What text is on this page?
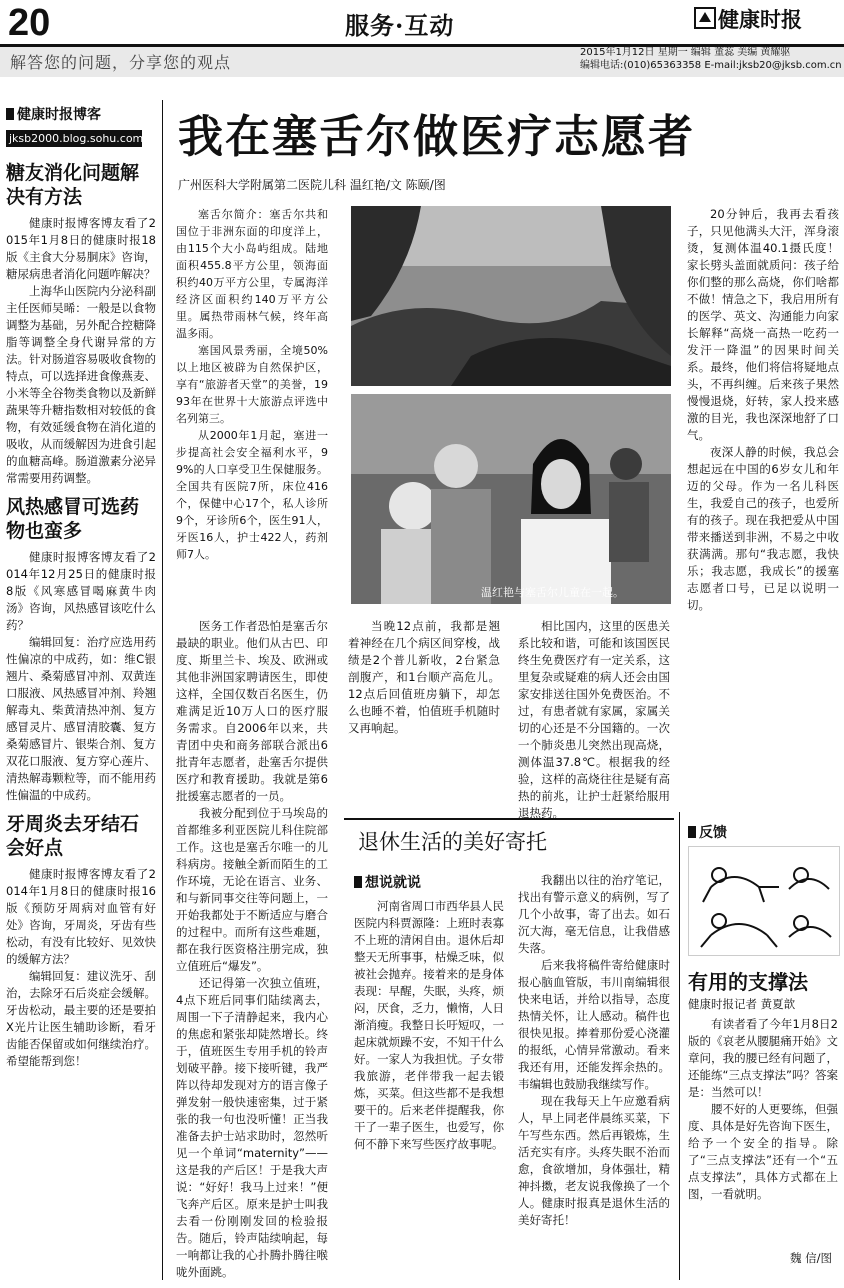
20	服务·互动	健康时报
解答您的问题，分享您的观点
2015年1月12日 星期一 编辑 董蕊 美编 黄耀驱
编辑电话:(010)65363358 E-mail:jksb20@jksb.com.cn
健康时报博客
jksb2000.blog.sohu.com
糖友消化问题解决有方法

健康时报博客博友看了2015年1月8日的健康时报18版《主食大分易胴床》咨询，糖尿病患者消化问题咋解决？

上海华山医院内分泌科副主任医师吴晞：一般是以食物调整为基础，另外配合控糖降脂等调整全身代谢异常的方法。针对肠道容易吸收食物的特点，可以选择进食像燕麦、小米等全谷物类食物以及新鲜蔬果等升糖指数相对较低的食物，有效延缓食物在消化道的吸收，从而缓解因为进食引起的血糖高峰。肠道激素分泌异常需要用药调整。

风热感冒可选药物也蛮多

健康时报博客博友看了2014年12月25日的健康时报8版《风寒感冒喝麻黄牛肉汤》咨询，风热感冒该吃什么药？

编辑回复：治疗应选用药性偏凉的中成药，如：维C银翘片、桑菊感冒冲剂、双黄连口服液、风热感冒冲剂、羚翘解毒丸、柴黄清热冲剂、复方感冒灵片、感冒清胶囊、复方桑菊感冒片、银柴合剂、复方双花口服液、复方穿心莲片、清热解毒颗粒等，而不能用药性偏温的中成药。

牙周炎去牙结石会好点

健康时报博客博友看了2014年1月8日的健康时报16版《预防牙周病对血管有好处》咨询，牙周炎，牙齿有些松动，有没有比较好、见效快的缓解方法？

编辑回复：建议洗牙、刮治，去除牙石后炎症会缓解。牙齿松动，最主要的还是要拍X光片让医生辅助诊断，看牙齿能否保留或如何继续治疗。希望能帮到您！

我在塞舌尔做医疗志愿者
广州医科大学附属第二医院儿科 温红艳/文 陈颐/图

塞舌尔简介：塞舌尔共和国位于非洲东面的印度洋上，由115个大小岛屿组成。陆地面积455.8平方公里，领海面积约40万平方公里，专属海洋经济区面积约140万平方公里。属热带雨林气候，终年高温多雨。

塞国风景秀丽，全境50%以上地区被辟为自然保护区，享有“旅游者天堂”的美誉，1993年在世界十大旅游点评选中名列第三。

从2000年1月起，塞进一步提高社会安全福利水平，99%的人口享受卫生保健服务。全国共有医院7所，床位416个，保健中心17个，私人诊所9个，牙诊所6个，医生91人，牙医16人，护士422人，药剂师7人。

温红艳与塞舌尔儿童在一起。

医务工作者恐怕是塞舌尔最缺的职业。他们从古巴、印度、斯里兰卡、埃及、欧洲或其他非洲国家聘请医生，即使这样，全国仅数百名医生，仍难满足近10万人口的医疗服务需求。自2006年以来，共青团中央和商务部联合派出6批青年志愿者，赴塞舌尔提供医疗和教育援助。我就是第6批援塞志愿者的一员。

我被分配到位于马埃岛的首都维多利亚医院儿科住院部工作。这也是塞舌尔唯一的儿科病房。接触全新而陌生的工作环境，无论在语言、业务、和与新同事交往等问题上，一开始我都处于不断适应与磨合的过程中。而所有这些难题，都在我行医资格注册完成，独立值班后“爆发”。

还记得第一次独立值班，4点下班后同事们陆续离去，周围一下子清静起来，我内心的焦虑和紧张却陡然增长。终于，值班医生专用手机的铃声划破平静。接下接听键，我严阵以待却发现对方的语言像子弹发射一般快速密集，过于紧张的我一句也没听懂！正当我准备去护士站求助时，忽然听见一个单词“maternity”——这是我的产后区！于是我大声说：“好好！我马上过来！”便飞奔产后区。原来是护士叫我去看一份刚刚发回的检验报告。随后，铃声陆续响起，每一响都让我的心扑腾扑腾往喉咙外面跳。

当晚12点前，我都是翘着神经在几个病区间穿梭，战绩是2个普儿新收，2台紧急剖腹产，和1台顺产高危儿。12点后回值班房躺下，却怎么也睡不着，怕值班手机随时又再响起。

相比国内，这里的医患关系比较和谐，可能和该国医民终生免费医疗有一定关系，这里复杂或疑难的病人还会由国家安排送往国外免费医治。不过，有患者就有家属，家属关切的心还是不分国籍的。一次一个肺炎患儿突然出现高烧，测体温37.8℃。根据我的经验，这样的高烧往往是疑有高热的前兆，让护士赶紧给服用退热药。

20分钟后，我再去看孩子，只见他满头大汗，浑身滚烫，复测体温40.1摄氏度！家长劈头盖面就质问：孩子给你们整的那么高烧，你们啥都不做！情急之下，我启用所有的医学、英文、沟通能力向家长解释“高烧一高热一吃药一发汗一降温”的因果时间关系。最终，他们将信将疑地点头，不再纠缠。后来孩子果然慢慢退烧，好转，家人投来感激的目光，我也深深地舒了口气。

夜深人静的时候，我总会想起远在中国的6岁女儿和年迈的父母。作为一名儿科医生，我爱自己的孩子，也爱所有的孩子。现在我把爱从中国带来播送到非洲，不易之中收获满满。那句“我志愿，我快乐；我志愿，我成长”的援塞志愿者口号，已足以说明一切。

退休生活的美好寄托
想说就说

河南省周口市西华县人民医院内科贾源隆：上班时表寡不上班的清闲自由。退休后却整天无所事事，枯燥乏味，似被社会抛弃。接着来的是身体表现：早醒，失眠，头疼，烦闷，厌食，乏力，懒惰，人日渐消瘦。我整日长吁短叹，一起床就烦躁不安，不知干什么好。一家人为我担忧。子女带我旅游，老伴带我一起去锻炼，买菜。但这些都不是我想要干的。后来老伴提醒我，你干了一辈子医生，也爱写，你何不静下来写些医疗故事呢。

我翻出以往的治疗笔记，找出有警示意义的病例，写了几个小故事，寄了出去。如石沉大海，毫无信息，让我借感失落。

后来我将稿件寄给健康时报心脑血管版，韦川南编辑很快来电话，并给以指导，态度热情关怀，让人感动。稿件也很快见报。捧着那份爱心浇灌的报纸，心情异常激动。看来我还有用，还能发挥余热的。韦编辑也鼓励我继续写作。

现在我每天上午应邀看病人，早上同老伴晨练买菜，下午写些东西。然后再锻炼，生活充实有序。头疼失眠不治而愈，食欲增加，身体强壮，精神抖擞，老友说我像换了一个人。健康时报真是退休生活的美好寄托！

反馈
有用的支撑法
健康时报记者 黄夏歆

有读者看了今年1月8日2版的《哀老从腰腿痛开始》文章问，我的腰已经有问题了，还能练“三点支撑法”吗？答案是：当然可以！

腰不好的人更要练，但强度、具体是好先咨询下医生，给予一个安全的指导。除了“三点支撑法”还有一个“五点支撑法”，具体方式都在上图，一看就明。

魏 信/图
